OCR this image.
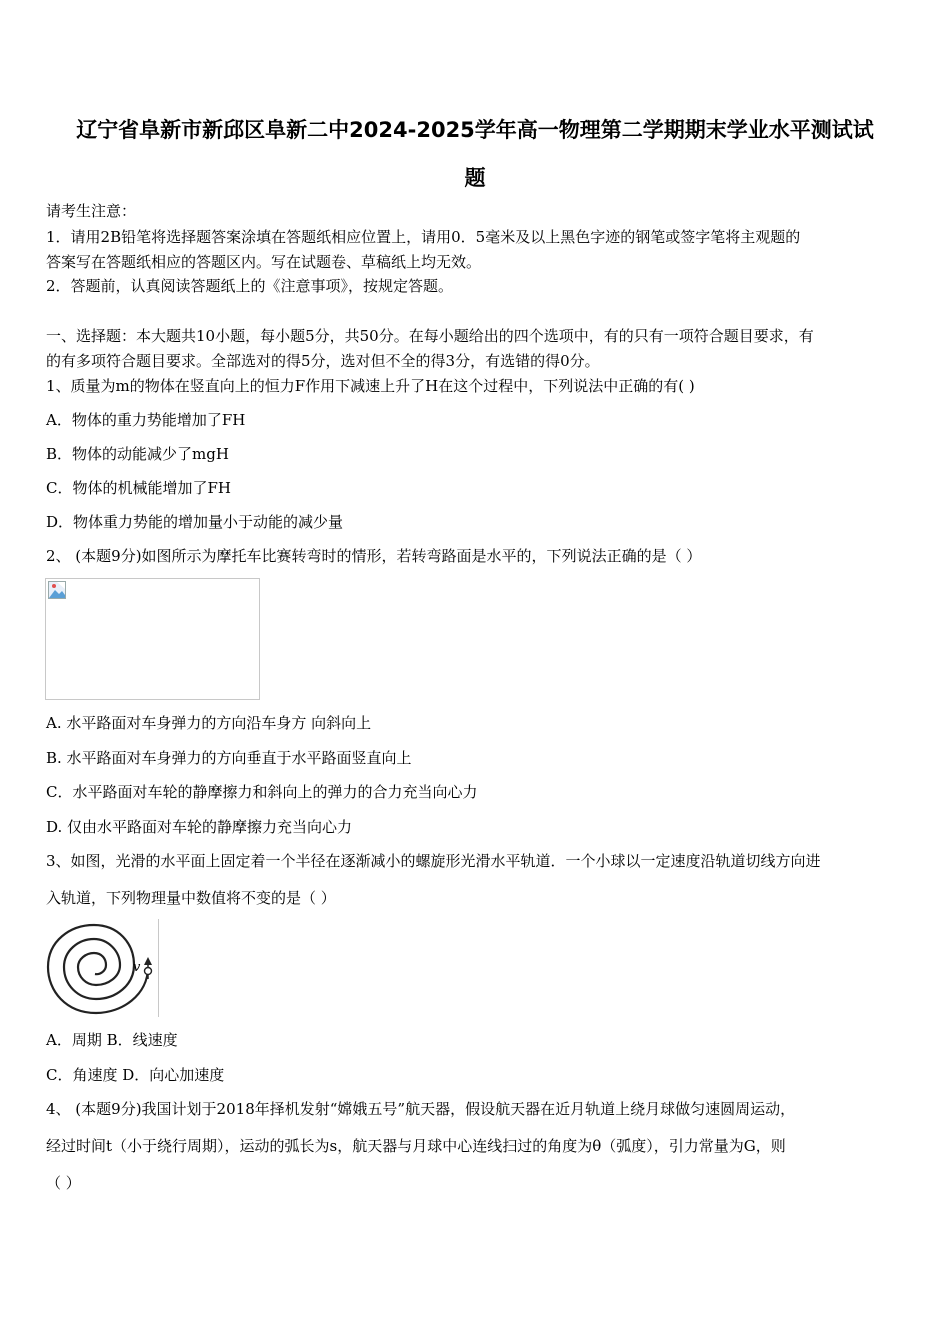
辽宁省阜新市新邱区阜新二中2024-2025学年高一物理第二学期期末学业水平测试试
题
请考生注意：
1．请用2B铅笔将选择题答案涂填在答题纸相应位置上，请用0．5毫米及以上黑色字迹的钢笔或签字笔将主观题的
答案写在答题纸相应的答题区内。写在试题卷、草稿纸上均无效。
2．答题前，认真阅读答题纸上的《注意事项》，按规定答题。
一、选择题：本大题共10小题，每小题5分，共50分。在每小题给出的四个选项中，有的只有一项符合题目要求，有
的有多项符合题目要求。全部选对的得5分，选对但不全的得3分，有选错的得0分。
1、质量为m的物体在竖直向上的恒力F作用下减速上升了H在这个过程中，下列说法中正确的有( )
A．物体的重力势能增加了FH
B．物体的动能减少了mgH
C．物体的机械能增加了FH
D．物体重力势能的增加量小于动能的减少量
2、 (本题9分)如图所示为摩托车比赛转弯时的情形，若转弯路面是水平的，下列说法正确的是（ ）
A. 水平路面对车身弹力的方向沿车身方 向斜向上
B. 水平路面对车身弹力的方向垂直于水平路面竖直向上
C．水平路面对车轮的静摩擦力和斜向上的弹力的合力充当向心力
D. 仅由水平路面对车轮的静摩擦力充当向心力
3、如图，光滑的水平面上固定着一个半径在逐渐减小的螺旋形光滑水平轨道．一个小球以一定速度沿轨道切线方向进
入轨道，下列物理量中数值将不变的是（ ）
v
A．周期 B．线速度
C．角速度 D．向心加速度
4、 (本题9分)我国计划于2018年择机发射“嫦娥五号”航天器，假设航天器在近月轨道上绕月球做匀速圆周运动，
经过时间t（小于绕行周期），运动的弧长为s，航天器与月球中心连线扫过的角度为θ（弧度），引力常量为G，则
（ ）
